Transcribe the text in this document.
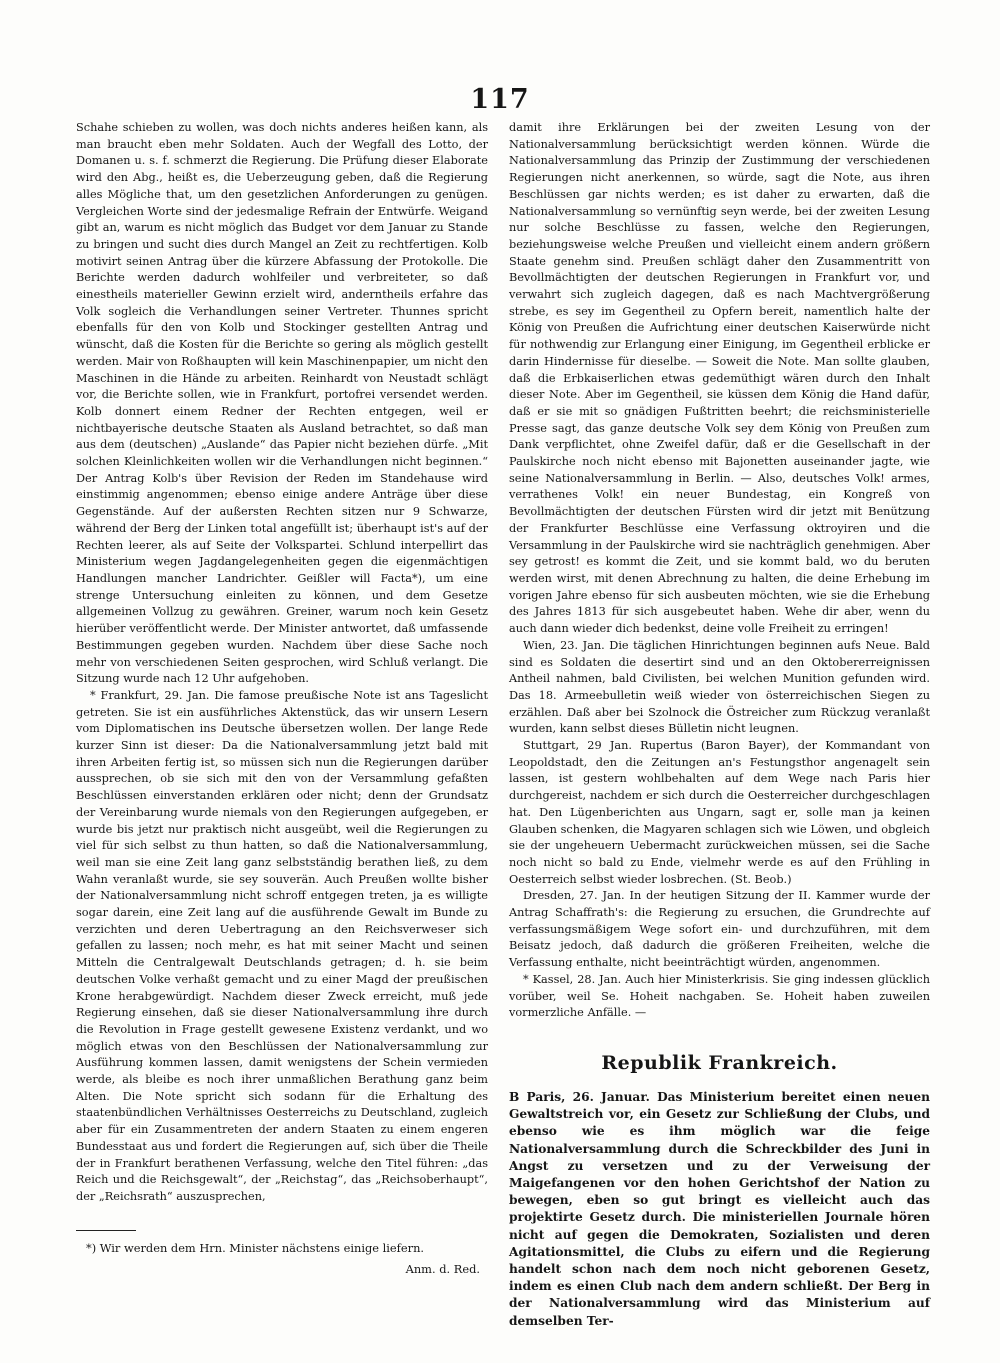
117

Schahe schieben zu wollen, was doch nichts anderes heißen kann, als man braucht eben mehr Soldaten. Auch der Wegfall des Lotto, der Domanen u. s. f. schmerzt die Regierung. Die Prüfung dieser Elaborate wird den Abg., heißt es, die Ueberzeugung geben, daß die Regierung alles Mögliche that, um den gesetzlichen Anforderungen zu genügen. Vergleichen Worte sind der jedesmalige Refrain der Entwürfe. Weigand gibt an, warum es nicht möglich das Budget vor dem Januar zu Stande zu bringen und sucht dies durch Mangel an Zeit zu rechtfertigen. Kolb motivirt seinen Antrag über die kürzere Abfassung der Protokolle. Die Berichte werden dadurch wohlfeiler und verbreiteter, so daß einestheils materieller Gewinn erzielt wird, anderntheils erfahre das Volk sogleich die Verhandlungen seiner Vertreter. Thunnes spricht ebenfalls für den von Kolb und Stockinger gestellten Antrag und wünscht, daß die Kosten für die Berichte so gering als möglich gestellt werden. Mair von Roßhaupten will kein Maschinenpapier, um nicht den Maschinen in die Hände zu arbeiten. Reinhardt von Neustadt schlägt vor, die Berichte sollen, wie in Frankfurt, portofrei versendet werden. Kolb donnert einem Redner der Rechten entgegen, weil er nichtbayerische deutsche Staaten als Ausland betrachtet, so daß man aus dem (deutschen) „Auslande“ das Papier nicht beziehen dürfe. „Mit solchen Kleinlichkeiten wollen wir die Verhandlungen nicht beginnen.“ Der Antrag Kolb's über Revision der Reden im Standehause wird einstimmig angenommen; ebenso einige andere Anträge über diese Gegenstände. Auf der außersten Rechten sitzen nur 9 Schwarze, während der Berg der Linken total angefüllt ist; überhaupt ist's auf der Rechten leerer, als auf Seite der Volkspartei. Schlund interpellirt das Ministerium wegen Jagdangelegenheiten gegen die eigenmächtigen Handlungen mancher Landrichter. Geißler will Facta*), um eine strenge Untersuchung einleiten zu können, und dem Gesetze allgemeinen Vollzug zu gewähren. Greiner, warum noch kein Gesetz hierüber veröffentlicht werde. Der Minister antwortet, daß umfassende Bestimmungen gegeben wurden. Nachdem über diese Sache noch mehr von verschiedenen Seiten gesprochen, wird Schluß verlangt. Die Sitzung wurde nach 12 Uhr aufgehoben.

* Frankfurt, 29. Jan. Die famose preußische Note ist ans Tageslicht getreten. Sie ist ein ausführliches Aktenstück, das wir unsern Lesern vom Diplomatischen ins Deutsche übersetzen wollen. Der lange Rede kurzer Sinn ist dieser: Da die Nationalversammlung jetzt bald mit ihren Arbeiten fertig ist, so müssen sich nun die Regierungen darüber aussprechen, ob sie sich mit den von der Versammlung gefaßten Beschlüssen einverstanden erklären oder nicht; denn der Grundsatz der Vereinbarung wurde niemals von den Regierungen aufgegeben, er wurde bis jetzt nur praktisch nicht ausgeübt, weil die Regierungen zu viel für sich selbst zu thun hatten, so daß die Nationalversammlung, weil man sie eine Zeit lang ganz selbstständig berathen ließ, zu dem Wahn veranlaßt wurde, sie sey souverän. Auch Preußen wollte bisher der Nationalversammlung nicht schroff entgegen treten, ja es willigte sogar darein, eine Zeit lang auf die ausführende Gewalt im Bunde zu verzichten und deren Uebertragung an den Reichsverweser sich gefallen zu lassen; noch mehr, es hat mit seiner Macht und seinen Mitteln die Centralgewalt Deutschlands getragen; d. h. sie beim deutschen Volke verhaßt gemacht und zu einer Magd der preußischen Krone herabgewürdigt. Nachdem dieser Zweck erreicht, muß jede Regierung einsehen, daß sie dieser Nationalversammlung ihre durch die Revolution in Frage gestellt gewesene Existenz verdankt, und wo möglich etwas von den Beschlüssen der Nationalversammlung zur Ausführung kommen lassen, damit wenigstens der Schein vermieden werde, als bleibe es noch ihrer unmaßlichen Berathung ganz beim Alten. Die Note spricht sich sodann für die Erhaltung des staatenbündlichen Verhältnisses Oesterreichs zu Deutschland, zugleich aber für ein Zusammentreten der andern Staaten zu einem engeren Bundesstaat aus und fordert die Regierungen auf, sich über die Theile der in Frankfurt berathenen Verfassung, welche den Titel führen: „das Reich und die Reichsgewalt“, der „Reichstag“, das „Reichsoberhaupt“, der „Reichsrath“ auszusprechen,

damit ihre Erklärungen bei der zweiten Lesung von der Nationalversammlung berücksichtigt werden können. Würde die Nationalversammlung das Prinzip der Zustimmung der verschiedenen Regierungen nicht anerkennen, so würde, sagt die Note, aus ihren Beschlüssen gar nichts werden; es ist daher zu erwarten, daß die Nationalversammlung so vernünftig seyn werde, bei der zweiten Lesung nur solche Beschlüsse zu fassen, welche den Regierungen, beziehungsweise welche Preußen und vielleicht einem andern größern Staate genehm sind. Preußen schlägt daher den Zusammentritt von Bevollmächtigten der deutschen Regierungen in Frankfurt vor, und verwahrt sich zugleich dagegen, daß es nach Machtvergrößerung strebe, es sey im Gegentheil zu Opfern bereit, namentlich halte der König von Preußen die Aufrichtung einer deutschen Kaiserwürde nicht für nothwendig zur Erlangung einer Einigung, im Gegentheil erblicke er darin Hindernisse für dieselbe. — Soweit die Note. Man sollte glauben, daß die Erbkaiserlichen etwas gedemüthigt wären durch den Inhalt dieser Note. Aber im Gegentheil, sie küssen dem König die Hand dafür, daß er sie mit so gnädigen Fußtritten beehrt; die reichsministerielle Presse sagt, das ganze deutsche Volk sey dem König von Preußen zum Dank verpflichtet, ohne Zweifel dafür, daß er die Gesellschaft in der Paulskirche noch nicht ebenso mit Bajonetten auseinander jagte, wie seine Nationalversammlung in Berlin. — Also, deutsches Volk! armes, verrathenes Volk! ein neuer Bundestag, ein Kongreß von Bevollmächtigten der deutschen Fürsten wird dir jetzt mit Benützung der Frankfurter Beschlüsse eine Verfassung oktroyiren und die Versammlung in der Paulskirche wird sie nachträglich genehmigen. Aber sey getrost! es kommt die Zeit, und sie kommt bald, wo du beruten werden wirst, mit denen Abrechnung zu halten, die deine Erhebung im vorigen Jahre ebenso für sich ausbeuten möchten, wie sie die Erhebung des Jahres 1813 für sich ausgebeutet haben. Wehe dir aber, wenn du auch dann wieder dich bedenkst, deine volle Freiheit zu erringen!

Wien, 23. Jan. Die täglichen Hinrichtungen beginnen aufs Neue. Bald sind es Soldaten die desertirt sind und an den Oktobererreignissen Antheil nahmen, bald Civilisten, bei welchen Munition gefunden wird. Das 18. Armeebulletin weiß wieder von österreichischen Siegen zu erzählen. Daß aber bei Szolnock die Östreicher zum Rückzug veranlaßt wurden, kann selbst dieses Bülletin nicht leugnen.

Stuttgart, 29 Jan. Rupertus (Baron Bayer), der Kommandant von Leopoldstadt, den die Zeitungen an's Festungsthor angenagelt sein lassen, ist gestern wohlbehalten auf dem Wege nach Paris hier durchgereist, nachdem er sich durch die Oesterreicher durchgeschlagen hat. Den Lügenberichten aus Ungarn, sagt er, solle man ja keinen Glauben schenken, die Magyaren schlagen sich wie Löwen, und obgleich sie der ungeheuern Uebermacht zurückweichen müssen, sei die Sache noch nicht so bald zu Ende, vielmehr werde es auf den Frühling in Oesterreich selbst wieder losbrechen. (St. Beob.)

Dresden, 27. Jan. In der heutigen Sitzung der II. Kammer wurde der Antrag Schaffrath's: die Regierung zu ersuchen, die Grundrechte auf verfassungsmäßigem Wege sofort ein- und durchzuführen, mit dem Beisatz jedoch, daß dadurch die größeren Freiheiten, welche die Verfassung enthalte, nicht beeinträchtigt würden, angenommen.

* Kassel, 28. Jan. Auch hier Ministerkrisis. Sie ging indessen glücklich vorüber, weil Se. Hoheit nachgaben. Se. Hoheit haben zuweilen vormerzliche Anfälle. —

Republik Frankreich.

B Paris, 26. Januar. Das Ministerium bereitet einen neuen Gewaltstreich vor, ein Gesetz zur Schließung der Clubs, und ebenso wie es ihm möglich war die feige Nationalversammlung durch die Schreckbilder des Juni in Angst zu versetzen und zu der Verweisung der Maigefangenen vor den hohen Gerichtshof der Nation zu bewegen, eben so gut bringt es vielleicht auch das projektirte Gesetz durch. Die ministeriellen Journale hören nicht auf gegen die Demokraten, Sozialisten und deren Agitationsmittel, die Clubs zu eifern und die Regierung handelt schon nach dem noch nicht geborenen Gesetz, indem es einen Club nach dem andern schließt. Der Berg in der Nationalversammlung wird das Ministerium auf demselben Ter-

*) Wir werden dem Hrn. Minister nächstens einige liefern.
Anm. d. Red.
